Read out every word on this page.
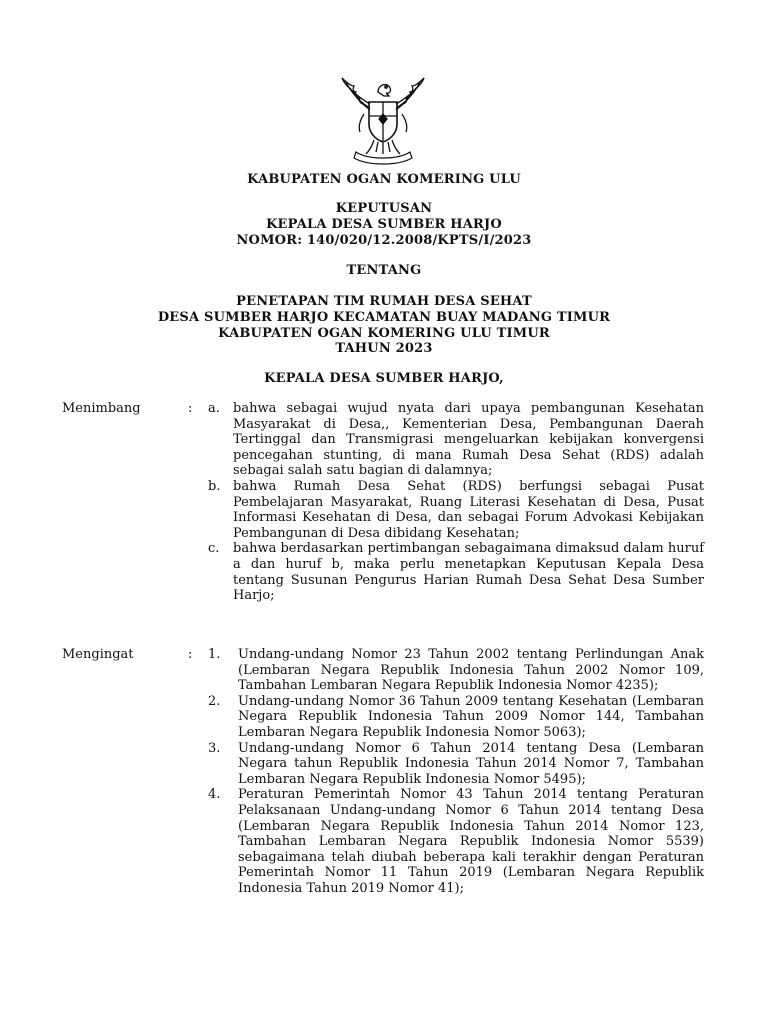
KABUPATEN OGAN KOMERING ULU
KEPUTUSAN
KEPALA DESA SUMBER HARJO
NOMOR: 140/020/12.2008/KPTS/I/2023
TENTANG
PENETAPAN TIM RUMAH DESA SEHAT
DESA SUMBER HARJO KECAMATAN BUAY MADANG TIMUR
KABUPATEN OGAN KOMERING ULU TIMUR
TAHUN 2023
KEPALA DESA SUMBER HARJO,
Menimbang	: a.	bahwa sebagai wujud nyata dari upaya pembangunan Kesehatan Masyarakat di Desa,, Kementerian Desa, Pembangunan Daerah Tertinggal dan Transmigrasi mengeluarkan kebijakan konvergensi pencegahan stunting, di mana Rumah Desa Sehat (RDS) adalah sebagai salah satu bagian di dalamnya;
b. bahwa Rumah Desa Sehat (RDS) berfungsi sebagai Pusat Pembelajaran Masyarakat, Ruang Literasi Kesehatan di Desa, Pusat Informasi Kesehatan di Desa, dan sebagai Forum Advokasi Kebijakan Pembangunan di Desa dibidang Kesehatan;
c.	bahwa berdasarkan pertimbangan sebagaimana dimaksud dalam huruf a dan huruf b, maka perlu menetapkan Keputusan Kepala Desa tentang Susunan Pengurus Harian Rumah Desa Sehat Desa Sumber Harjo;
Mengingat	: 1.	Undang-undang Nomor 23 Tahun 2002 tentang Perlindungan Anak (Lembaran Negara Republik Indonesia Tahun 2002 Nomor 109, Tambahan Lembaran Negara Republik Indonesia Nomor 4235);
2.	Undang-undang Nomor 36 Tahun 2009 tentang Kesehatan (Lembaran Negara Republik Indonesia Tahun 2009 Nomor 144, Tambahan Lembaran Negara Republik Indonesia Nomor 5063);
3.	Undang-undang Nomor 6 Tahun 2014 tentang Desa (Lembaran Negara tahun Republik Indonesia Tahun 2014 Nomor 7, Tambahan Lembaran Negara Republik Indonesia Nomor 5495);
4.	Peraturan Pemerintah Nomor 43 Tahun 2014 tentang Peraturan Pelaksanaan Undang-undang Nomor 6 Tahun 2014 tentang Desa (Lembaran Negara Republik Indonesia Tahun 2014 Nomor 123, Tambahan Lembaran Negara Republik Indonesia Nomor 5539) sebagaimana telah diubah beberapa kali terakhir dengan Peraturan Pemerintah Nomor 11 Tahun 2019 (Lembaran Negara Republik Indonesia Tahun 2019 Nomor 41);
